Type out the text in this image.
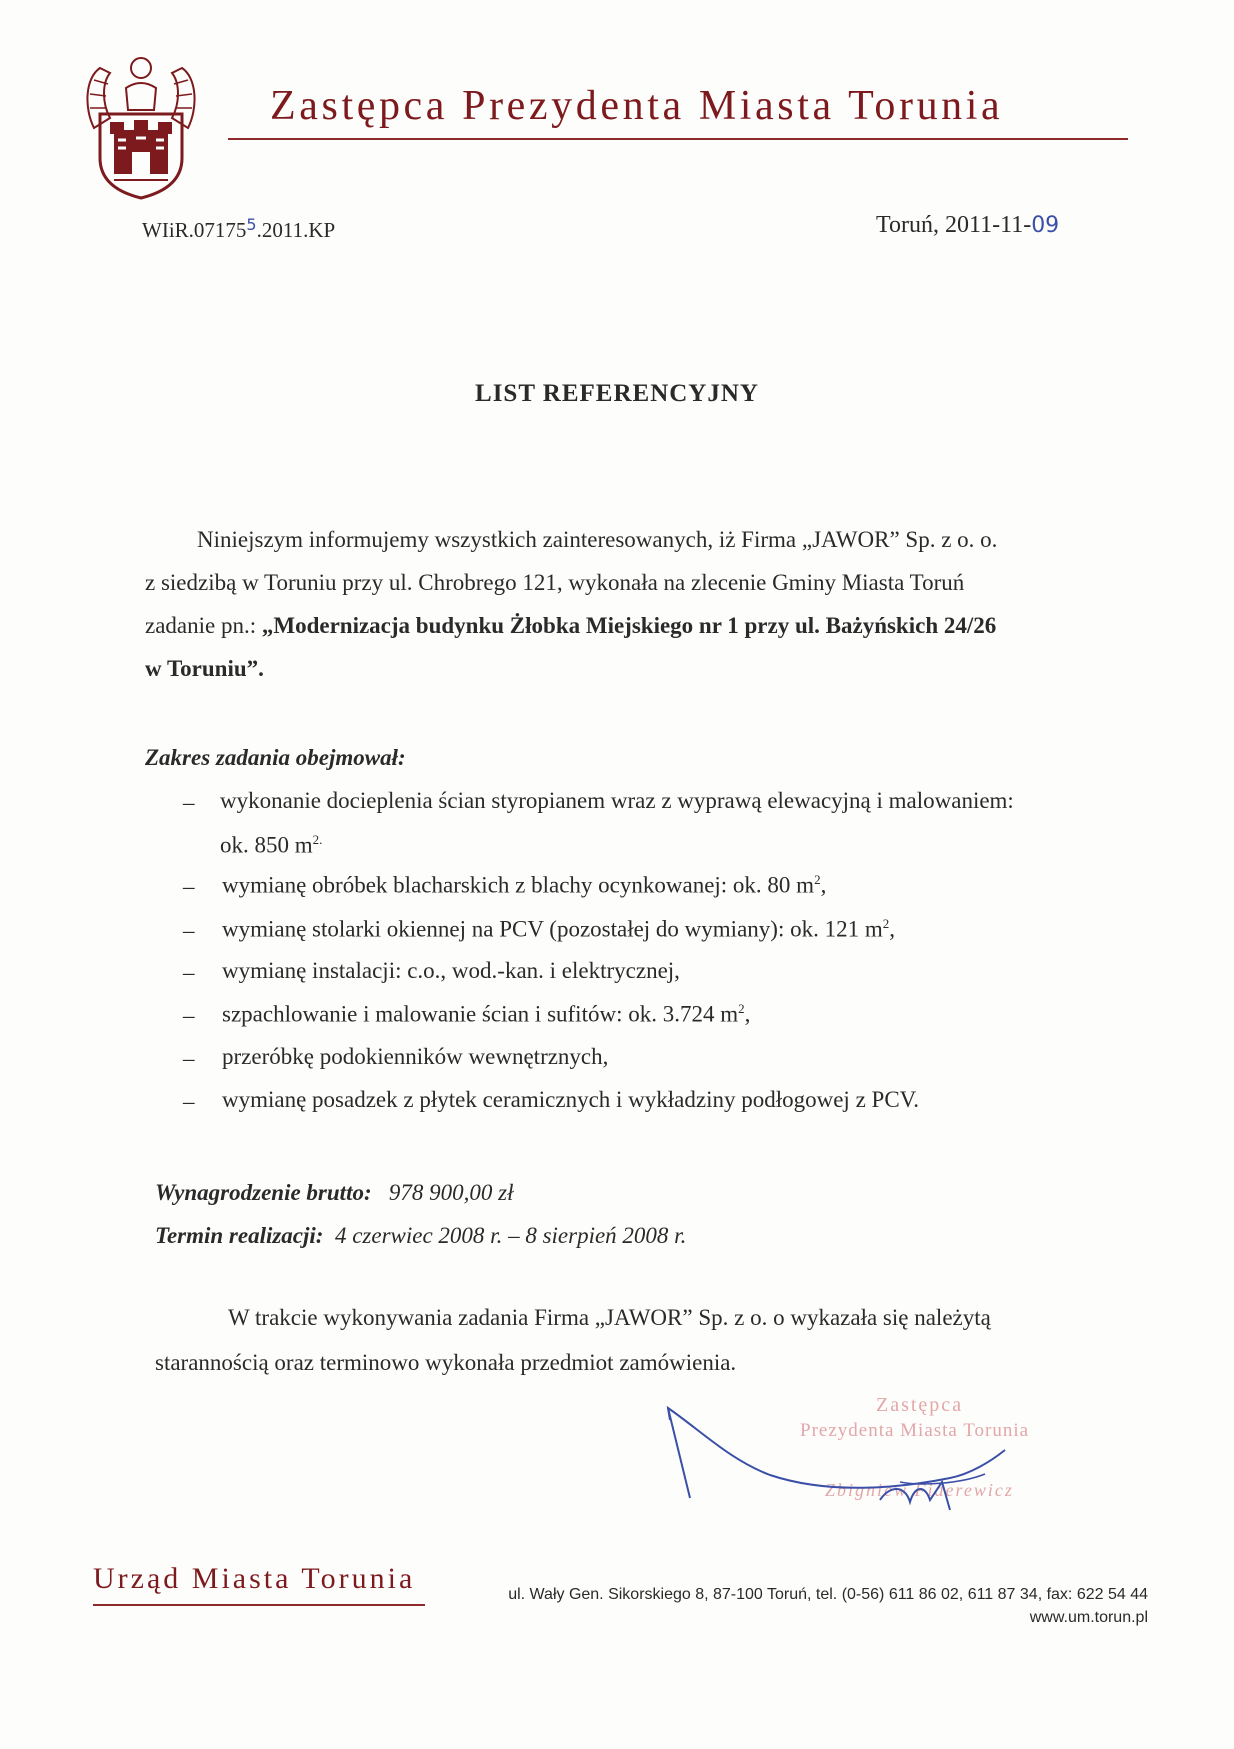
Zastępca Prezydenta Miasta Torunia
WIiR.07175$^5$.2011.KP	Toruń, 2011-11-09
LIST REFERENCYJNY
Niniejszym informujemy wszystkich zainteresowanych, iż Firma „JAWOR” Sp. z o. o.
z siedzibą w Toruniu przy ul. Chrobrego 121, wykonała na zlecenie Gminy Miasta Toruń
zadanie pn.: „Modernizacja budynku Żłobka Miejskiego nr 1 przy ul. Bażyńskich 24/26
w Toruniu”.
Zakres zadania obejmował:
– wykonanie docieplenia ścian styropianem wraz z wyprawą elewacyjną i malowaniem:
ok. 850 $m^{2.}$
– wymianę obróbek blacharskich z blachy ocynkowanej: ok. 80 $m^2$,
– wymianę stolarki okiennej na PCV (pozostałej do wymiany): ok. 121 $m^2$,
– wymianę instalacji: c.o., wod.-kan. i elektrycznej,
– szpachlowanie i malowanie ścian i sufitów: ok. 3.724 $m^2$,
– przeróbkę podokienników wewnętrznych,
– wymianę posadzek z płytek ceramicznych i wykładziny podłogowej z PCV.
Wynagrodzenie brutto: 978 900,00 zł
Termin realizacji: 4 czerwiec 2008 r. – 8 sierpień 2008 r.
W trakcie wykonywania zadania Firma „JAWOR” Sp. z o. o wykazała się należytą
starannością oraz terminowo wykonała przedmiot zamówienia.
Zastępca
Prezydenta Miasta Torunia
Zbigniew Fiderewicz
Urząd Miasta Torunia	ul. Wały Gen. Sikorskiego 8, 87-100 Toruń, tel. (0-56) 611 86 02, 611 87 34, fax: 622 54 44
www.um.torun.pl
